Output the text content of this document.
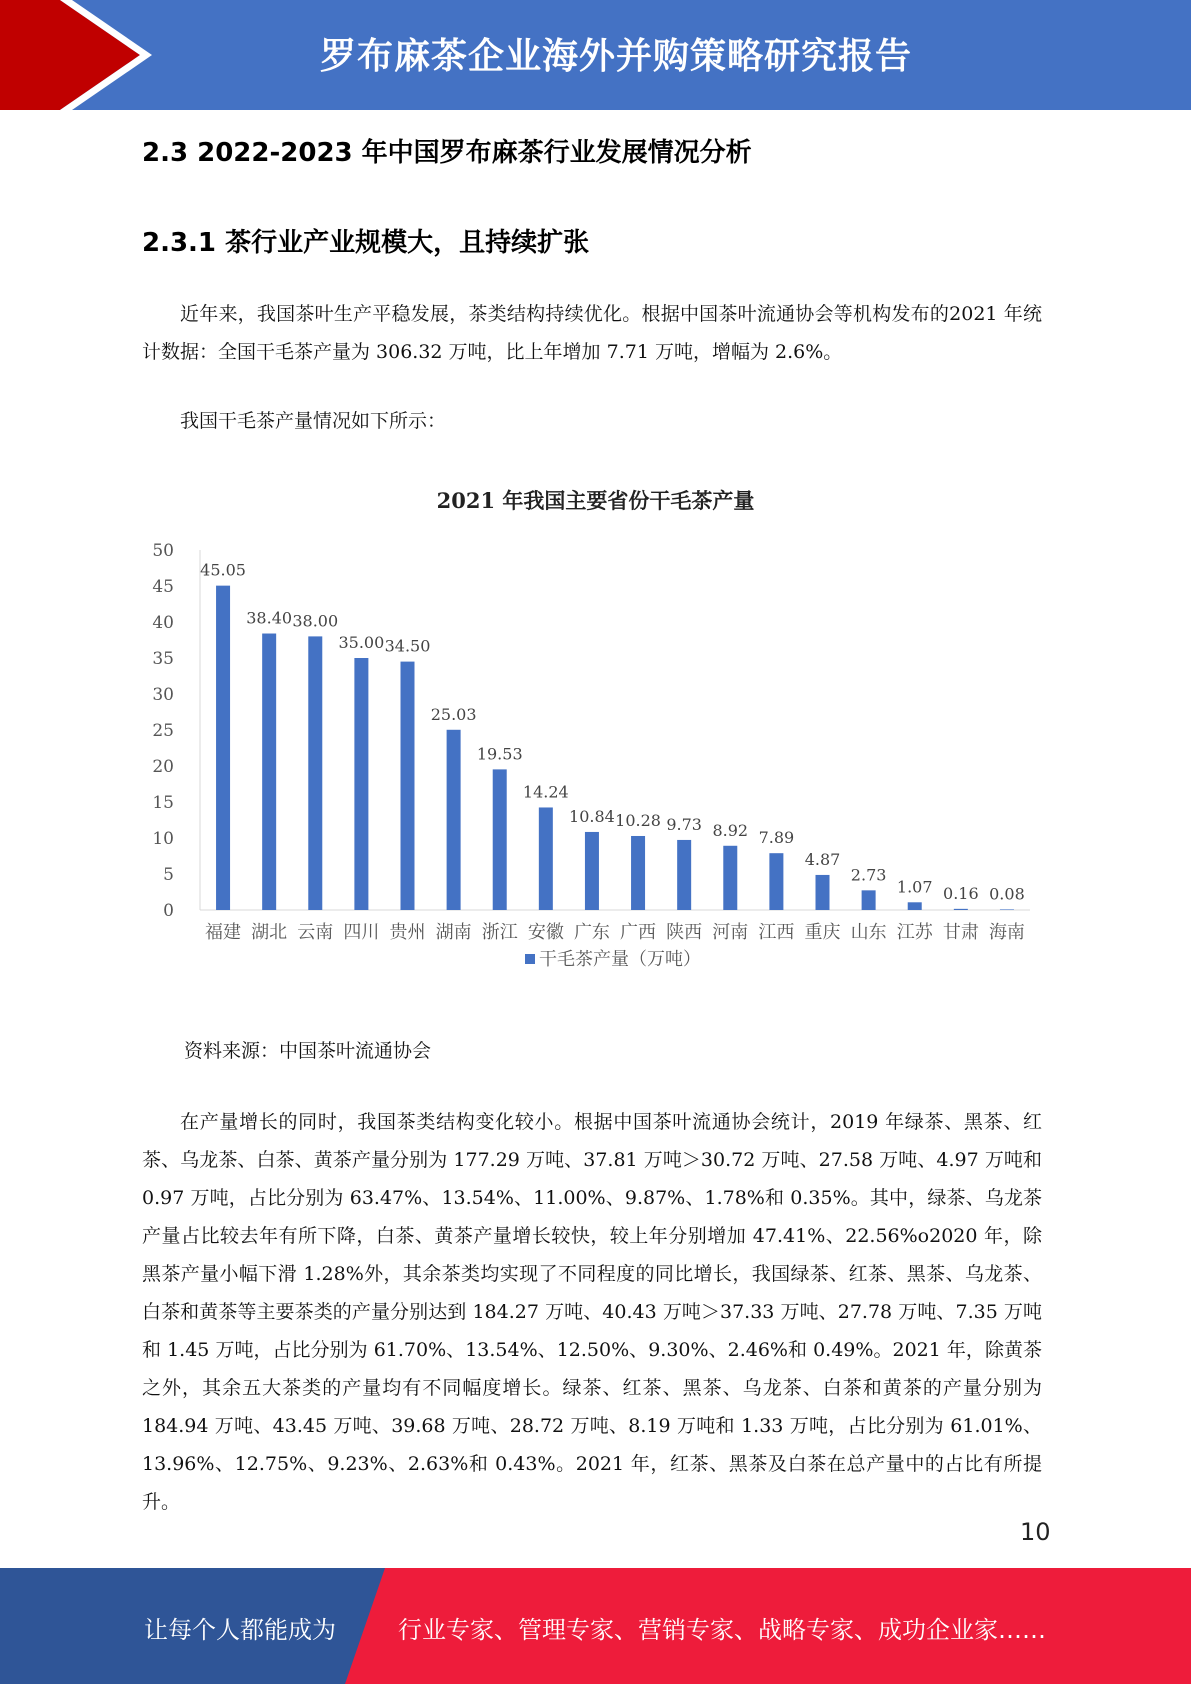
罗布麻茶企业海外并购策略研究报告
2.3 2022-2023 年中国罗布麻茶行业发展情况分析
2.3.1 茶行业产业规模大，且持续扩张
近年来，我国茶叶生产平稳发展，茶类结构持续优化。根据中国茶叶流通协会等机构发布的2021 年统计数据：全国干毛茶产量为 306.32 万吨，比上年增加 7.71 万吨，增幅为 2.6%。
我国干毛茶产量情况如下所示：
2021 年我国主要省份干毛茶产量
0
5
10
15
20
25
30
35
40
45
50
45.05
福建
38.40
湖北
38.00
云南
35.00
四川
34.50
贵州
25.03
湖南
19.53
浙江
14.24
安徽
10.84
广东
10.28
广西
9.73
陕西
8.92
河南
7.89
江西
4.87
重庆
2.73
山东
1.07
江苏
0.16
甘肃
0.08
海南
干毛茶产量（万吨）
资料来源：中国茶叶流通协会
在产量增长的同时，我国茶类结构变化较小。根据中国茶叶流通协会统计，2019 年绿茶、黑茶、红茶、乌龙茶、白茶、黄茶产量分别为 177.29 万吨、37.81 万吨＞30.72 万吨、27.58 万吨、4.97 万吨和 0.97 万吨，占比分别为 63.47%、13.54%、11.00%、9.87%、1.78%和 0.35%。其中，绿茶、乌龙茶产量占比较去年有所下降，白茶、黄茶产量增长较快，较上年分别增加 47.41%、22.56%o2020 年，除黑茶产量小幅下滑 1.28%外，其余茶类均实现了不同程度的同比增长，我国绿茶、红茶、黑茶、乌龙茶、白茶和黄茶等主要茶类的产量分别达到 184.27 万吨、40.43 万吨＞37.33 万吨、27.78 万吨、7.35 万吨和 1.45 万吨，占比分别为 61.70%、13.54%、12.50%、9.30%、2.46%和 0.49%。2021 年，除黄茶之外，其余五大茶类的产量均有不同幅度增长。绿茶、红茶、黑茶、乌龙茶、白茶和黄茶的产量分别为 184.94 万吨、43.45 万吨、39.68 万吨、28.72 万吨、8.19 万吨和 1.33 万吨，占比分别为 61.01%、13.96%、12.75%、9.23%、2.63%和 0.43%。2021 年，红茶、黑茶及白茶在总产量中的占比有所提升。
10
让每个人都能成为	行业专家、管理专家、营销专家、战略专家、成功企业家……
